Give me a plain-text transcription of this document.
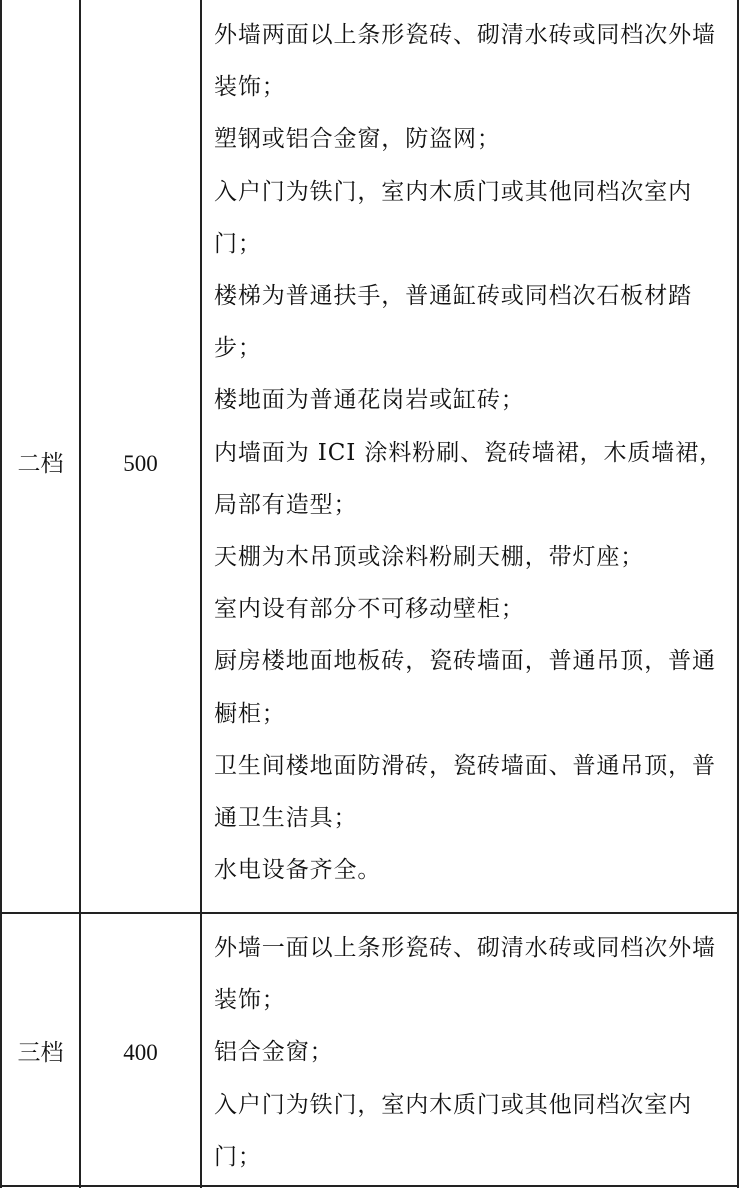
二档	500
外墙两面以上条形瓷砖、砌清水砖或同档次外墙装饰；
塑钢或铝合金窗，防盗网；
入户门为铁门，室内木质门或其他同档次室内门；
楼梯为普通扶手，普通缸砖或同档次石板材踏步；
楼地面为普通花岗岩或缸砖；
内墙面为 ICI 涂料粉刷、瓷砖墙裙，木质墙裙，局部有造型；
天棚为木吊顶或涂料粉刷天棚，带灯座；
室内设有部分不可移动壁柜；
厨房楼地面地板砖，瓷砖墙面，普通吊顶，普通橱柜；
卫生间楼地面防滑砖，瓷砖墙面、普通吊顶，普通卫生洁具；
水电设备齐全。
三档	400
外墙一面以上条形瓷砖、砌清水砖或同档次外墙装饰；
铝合金窗；
入户门为铁门，室内木质门或其他同档次室内门；
